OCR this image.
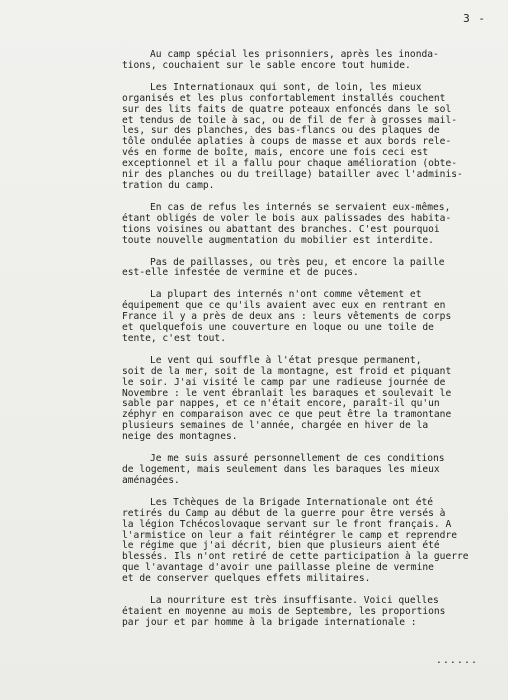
3 -

Au camp spécial les prisonniers, après les inonda-
tions, couchaient sur le sable encore tout humide.

Les Internationaux qui sont, de loin, les mieux
organisés et les plus confortablement installés couchent
sur des lits faits de quatre poteaux enfoncés dans le sol
et tendus de toile à sac, ou de fil de fer à grosses mail-
les, sur des planches, des bas-flancs ou des plaques de
tôle ondulée aplaties à coups de masse et aux bords rele-
vés en forme de boîte, mais, encore une fois ceci est
exceptionnel et il a fallu pour chaque amélioration (obte-
nir des planches ou du treillage) batailler avec l'adminis-
tration du camp.

En cas de refus les internés se servaient eux-mêmes,
étant obligés de voler le bois aux palissades des habita-
tions voisines ou abattant des branches. C'est pourquoi
toute nouvelle augmentation du mobilier est interdite.

Pas de paillasses, ou très peu, et encore la paille
est-elle infestée de vermine et de puces.

La plupart des internés n'ont comme vêtement et
équipement que ce qu'ils avaient avec eux en rentrant en
France il y a près de deux ans : leurs vêtements de corps
et quelquefois une couverture en loque ou une toile de
tente, c'est tout.

Le vent qui souffle à l'état presque permanent,
soit de la mer, soit de la montagne, est froid et piquant
le soir. J'ai visité le camp par une radieuse journée de
Novembre : le vent ébranlait les baraques et soulevait le
sable par nappes, et ce n'était encore, paraît-il qu'un
zéphyr en comparaison avec ce que peut être la tramontane
plusieurs semaines de l'année, chargée en hiver de la
neige des montagnes.

Je me suis assuré personnellement de ces conditions
de logement, mais seulement dans les baraques les mieux
aménagées.

Les Tchèques de la Brigade Internationale ont été
retirés du Camp au début de la guerre pour être versés à
la légion Tchécoslovaque servant sur le front français. A
l'armistice on leur a fait réintégrer le camp et reprendre
le régime que j'ai décrit, bien que plusieurs aient été
blessés. Ils n'ont retiré de cette participation à la guerre
que l'avantage d'avoir une paillasse pleine de vermine
et de conserver quelques effets militaires.

La nourriture est très insuffisante. Voici quelles
étaient en moyenne au mois de Septembre, les proportions
par jour et par homme à la brigade internationale :

......
